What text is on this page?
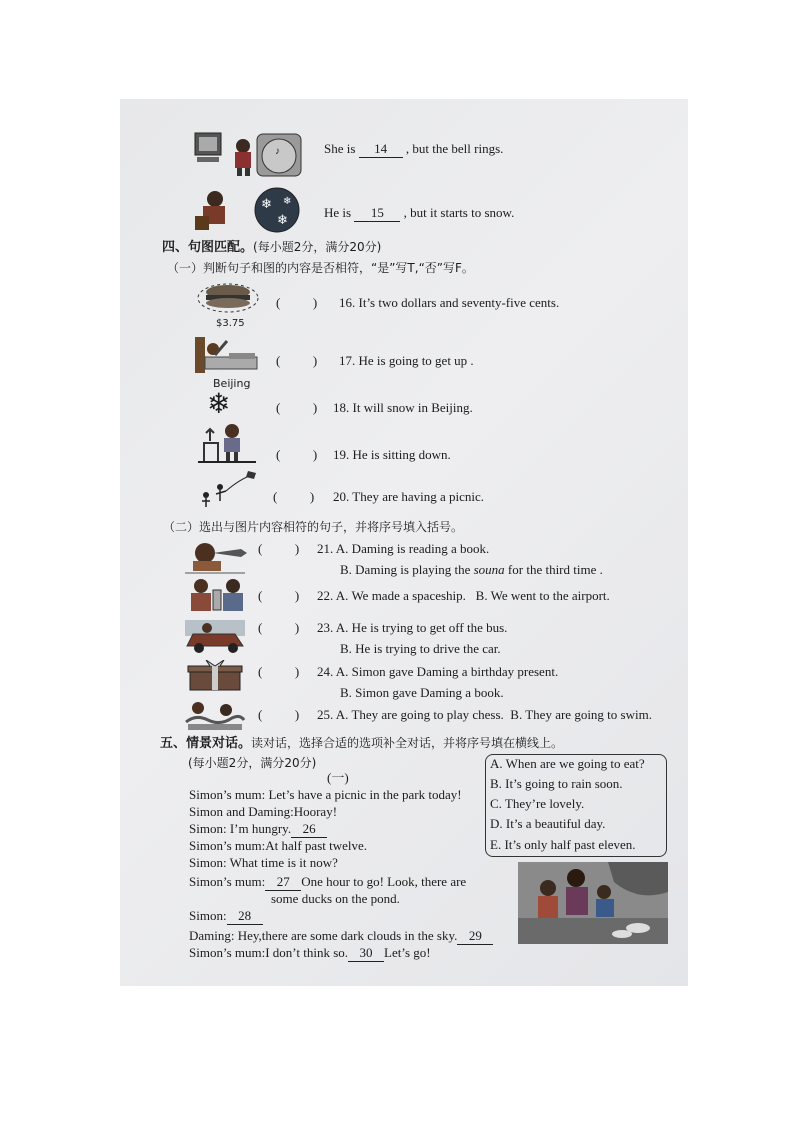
♪	She is 14 , but the bell rings.
❄
❄
❄
He is 15 , but it starts to snow.
四、句图匹配。(每小题2分，满分20分)
（一）判断句子和图的内容是否相符，“是”写T,“否”写F。
$3.75
(          ) 16. It’s two dollars and seventy-five cents.
(          ) 17. He is going to get up .
Beijing
❄	(          ) 18. It will snow in Beijing.
(          ) 19. He is sitting down.
(          ) 20. They are having a picnic.
（二）选出与图片内容相符的句子，并将序号填入括号。
(          ) 21. A. Daming is reading a book.
B. Daming is playing the souna for the third time .
(          ) 22. A. We made a spaceship. B. We went to the airport.
(          ) 23. A. He is trying to get off the bus.
B. He is trying to drive the car.
(          ) 24. A. Simon gave Daming a birthday present.
B. Simon gave Daming a book.
(          ) 25. A. They are going to play chess. B. They are going to swim.
五、情景对话。读对话，选择合适的选项补全对话，并将序号填在横线上。
(每小题2分，满分20分)
(一)
A. When are we going to eat?
B. It’s going to rain soon.
C. They’re lovely.
D. It’s a beautiful day.
E. It’s only half past eleven.
Simon’s mum: Let’s have a picnic in the park today!
Simon and Daming:Hooray!
Simon: I’m hungry. 26
Simon’s mum:At half past twelve.
Simon: What time is it now?
Simon’s mum: 27 One hour to go! Look, there are
some ducks on the pond.
Simon: 28
Daming: Hey,there are some dark clouds in the sky. 29
Simon’s mum:I don’t think so. 30 Let’s go!
